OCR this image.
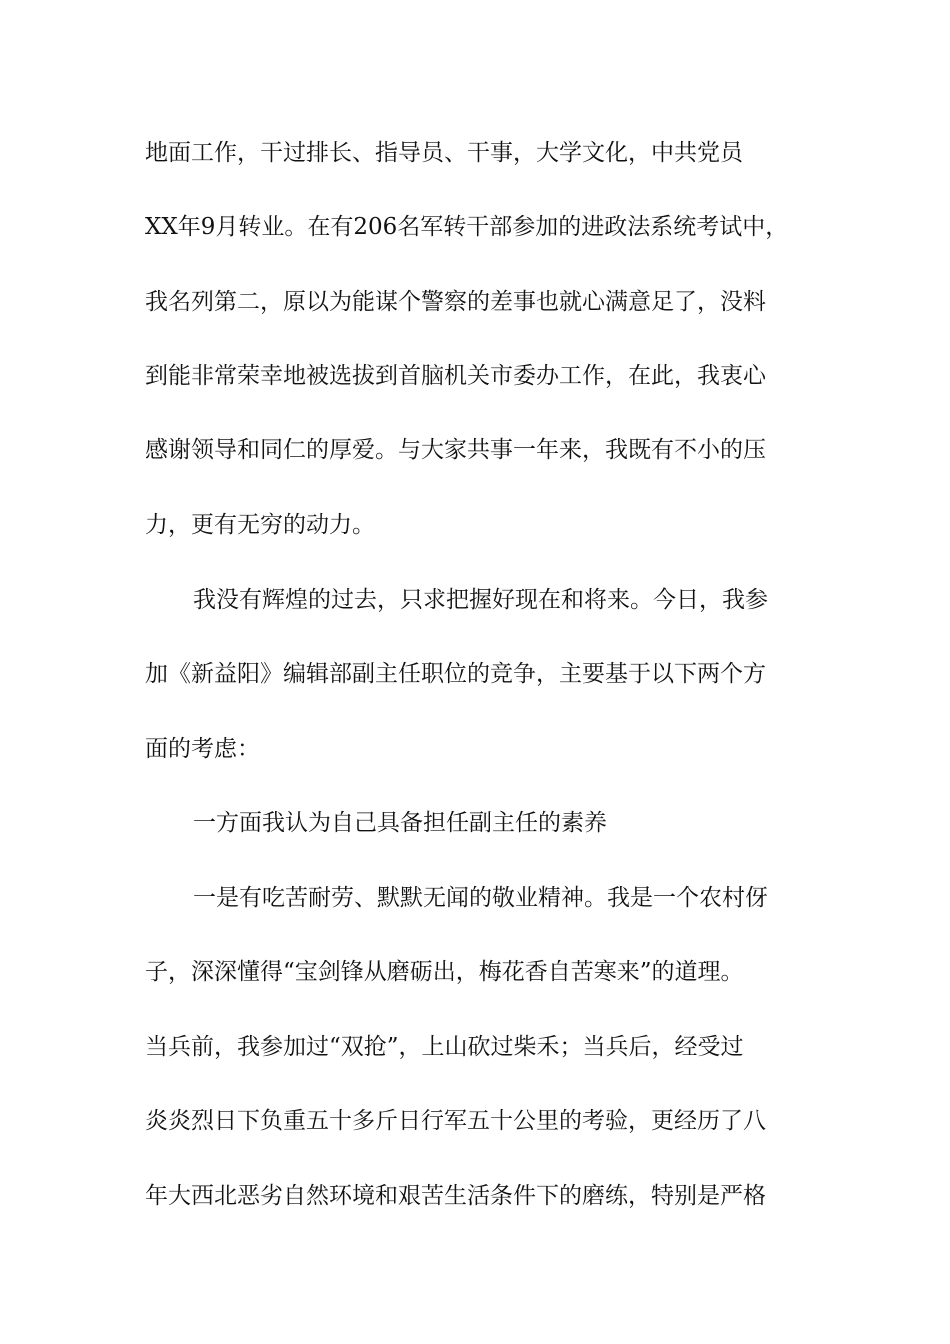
地面工作，干过排长、指导员、干事，大学文化，中共党员
XX年9月转业。在有206名军转干部参加的进政法系统考试中，
我名列第二，原以为能谋个警察的差事也就心满意足了，没料
到能非常荣幸地被选拔到首脑机关市委办工作，在此，我衷心
感谢领导和同仁的厚爱。与大家共事一年来，我既有不小的压
力，更有无穷的动力。
我没有辉煌的过去，只求把握好现在和将来。今日，我参
加《新益阳》编辑部副主任职位的竞争，主要基于以下两个方
面的考虑：
一方面我认为自己具备担任副主任的素养
一是有吃苦耐劳、默默无闻的敬业精神。我是一个农村伢
子，深深懂得“宝剑锋从磨砺出，梅花香自苦寒来”的道理。
当兵前，我参加过“双抢”，上山砍过柴禾；当兵后，经受过
炎炎烈日下负重五十多斤日行军五十公里的考验，更经历了八
年大西北恶劣自然环境和艰苦生活条件下的磨练，特别是严格
